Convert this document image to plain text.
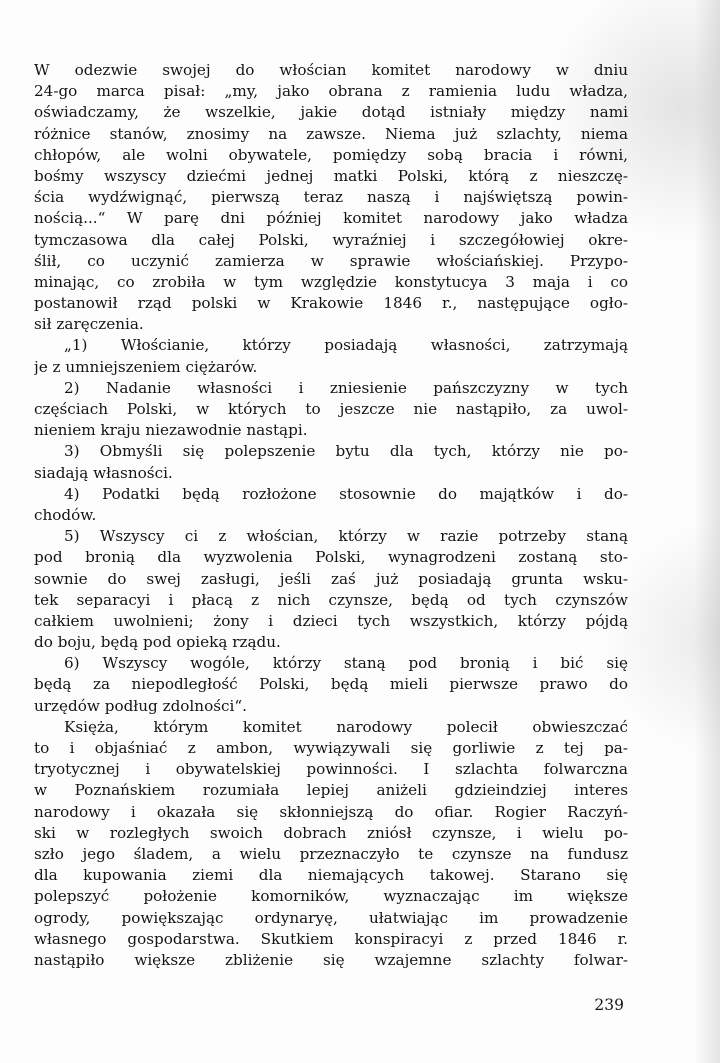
W odezwie swojej do włościan komitet narodowy w dniu
24-go marca pisał: „my, jako obrana z ramienia ludu władza,
oświadczamy, że wszelkie, jakie dotąd istniały między nami
różnice stanów, znosimy na zawsze. Niema już szlachty, niema
chłopów, ale wolni obywatele, pomiędzy sobą bracia i równi,
bośmy wszyscy dziećmi jednej matki Polski, którą z nieszczę-
ścia wydźwignąć, pierwszą teraz naszą i najświętszą powin-
nością...“ W parę dni później komitet narodowy jako władza
tymczasowa dla całej Polski, wyraźniej i szczegółowiej okre-
ślił, co uczynić zamierza w sprawie włościańskiej. Przypo-
minając, co zrobiła w tym względzie konstytucya 3 maja i co
postanowił rząd polski w Krakowie 1846 r., następujące ogło-
sił zaręczenia.
„1) Włościanie, którzy posiadają własności, zatrzymają
je z umniejszeniem ciężarów.
2) Nadanie własności i zniesienie pańszczyzny w tych
częściach Polski, w których to jeszcze nie nastąpiło, za uwol-
nieniem kraju niezawodnie nastąpi.
3) Obmyśli się polepszenie bytu dla tych, którzy nie po-
siadają własności.
4) Podatki będą rozłożone stosownie do majątków i do-
chodów.
5) Wszyscy ci z włościan, którzy w razie potrzeby staną
pod bronią dla wyzwolenia Polski, wynagrodzeni zostaną sto-
sownie do swej zasługi, jeśli zaś już posiadają grunta wsku-
tek separacyi i płacą z nich czynsze, będą od tych czynszów
całkiem uwolnieni; żony i dzieci tych wszystkich, którzy pójdą
do boju, będą pod opieką rządu.
6) Wszyscy wogóle, którzy staną pod bronią i bić się
będą za niepodległość Polski, będą mieli pierwsze prawo do
urzędów podług zdolności“.
Księża, którym komitet narodowy polecił obwieszczać
to i objaśniać z ambon, wywiązywali się gorliwie z tej pa-
tryotycznej i obywatelskiej powinności. I szlachta folwarczna
w Poznańskiem rozumiała lepiej aniżeli gdzieindziej interes
narodowy i okazała się skłonniejszą do ofiar. Rogier Raczyń-
ski w rozległych swoich dobrach zniósł czynsze, i wielu po-
szło jego śladem, a wielu przeznaczyło te czynsze na fundusz
dla kupowania ziemi dla niemających takowej. Starano się
polepszyć położenie komorników, wyznaczając im większe
ogrody, powiększając ordynaryę, ułatwiając im prowadzenie
własnego gospodarstwa. Skutkiem konspiracyi z przed 1846 r.
nastąpiło większe zbliżenie się wzajemne szlachty folwar-
239
